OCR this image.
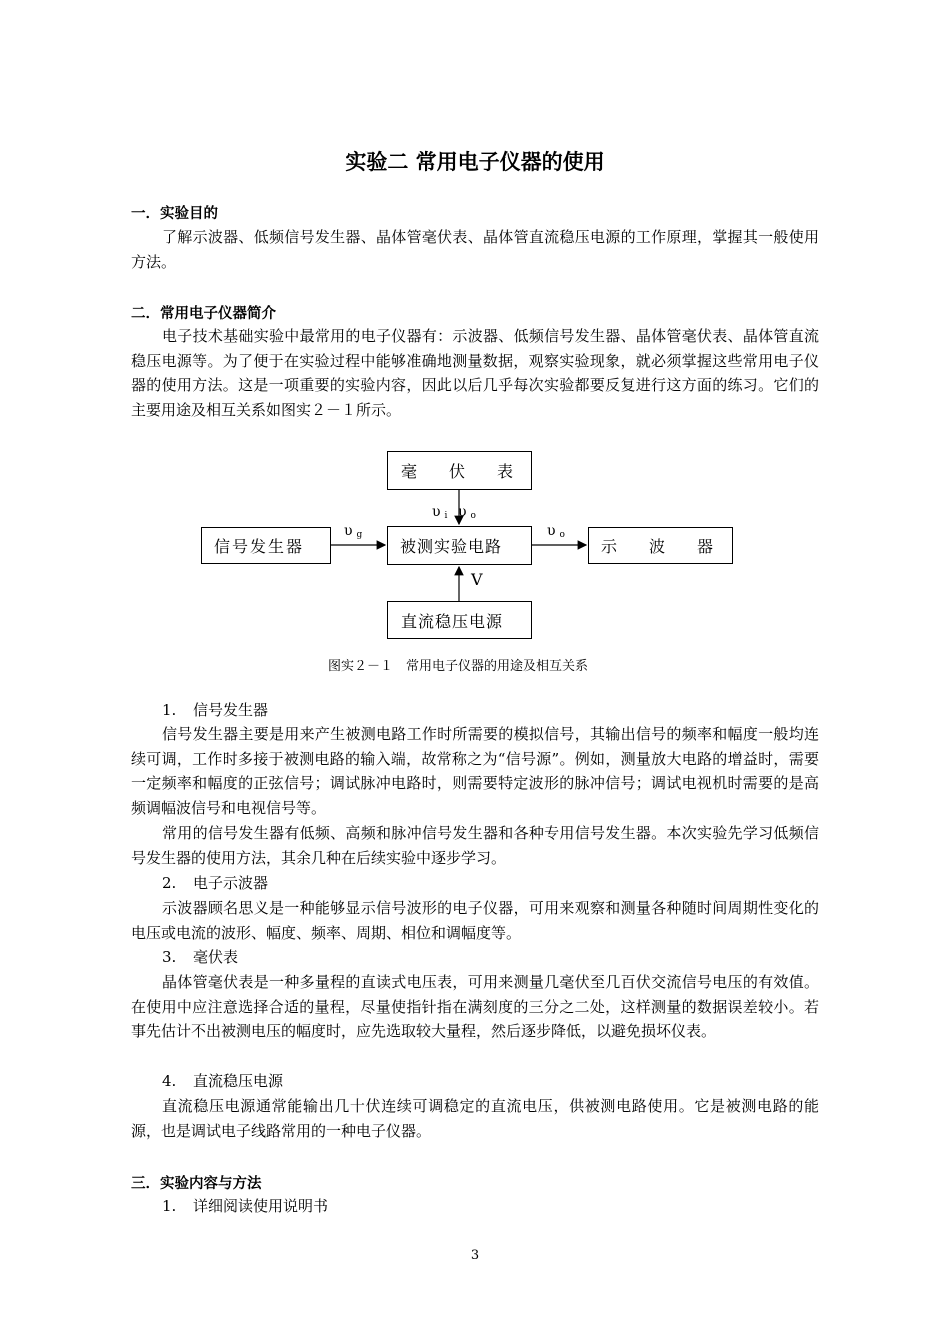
实验二 常用电子仪器的使用
一．实验目的

了解示波器、低频信号发生器、晶体管毫伏表、晶体管直流稳压电源的工作原理，掌握其一般使用方法。

二．常用电子仪器简介

电子技术基础实验中最常用的电子仪器有：示波器、低频信号发生器、晶体管毫伏表、晶体管直流稳压电源等。为了便于在实验过程中能够准确地测量数据，观察实验现象，就必须掌握这些常用电子仪器的使用方法。这是一项重要的实验内容，因此以后几乎每次实验都要反复进行这方面的练习。它们的主要用途及相互关系如图实２－１所示。

毫　　伏　　表
信号发生器	被测实验电路	示　　波　　器
直流稳压电源
υ $_i$ υ $_o$
υ $_g$	υ $_o$
V
图实２－１　常用电子仪器的用途及相互关系
1. 信号发生器

信号发生器主要是用来产生被测电路工作时所需要的模拟信号，其输出信号的频率和幅度一般均连续可调，工作时多接于被测电路的输入端，故常称之为“信号源”。例如，测量放大电路的增益时，需要一定频率和幅度的正弦信号；调试脉冲电路时，则需要特定波形的脉冲信号；调试电视机时需要的是高频调幅波信号和电视信号等。

常用的信号发生器有低频、高频和脉冲信号发生器和各种专用信号发生器。本次实验先学习低频信号发生器的使用方法，其余几种在后续实验中逐步学习。

2. 电子示波器

示波器顾名思义是一种能够显示信号波形的电子仪器，可用来观察和测量各种随时间周期性变化的电压或电流的波形、幅度、频率、周期、相位和调幅度等。

3. 毫伏表

晶体管毫伏表是一种多量程的直读式电压表，可用来测量几毫伏至几百伏交流信号电压的有效值。在使用中应注意选择合适的量程，尽量使指针指在满刻度的三分之二处，这样测量的数据误差较小。若事先估计不出被测电压的幅度时，应先选取较大量程，然后逐步降低，以避免损坏仪表。

4. 直流稳压电源

直流稳压电源通常能输出几十伏连续可调稳定的直流电压，供被测电路使用。它是被测电路的能源，也是调试电子线路常用的一种电子仪器。

三．实验内容与方法
1. 详细阅读使用说明书
3
